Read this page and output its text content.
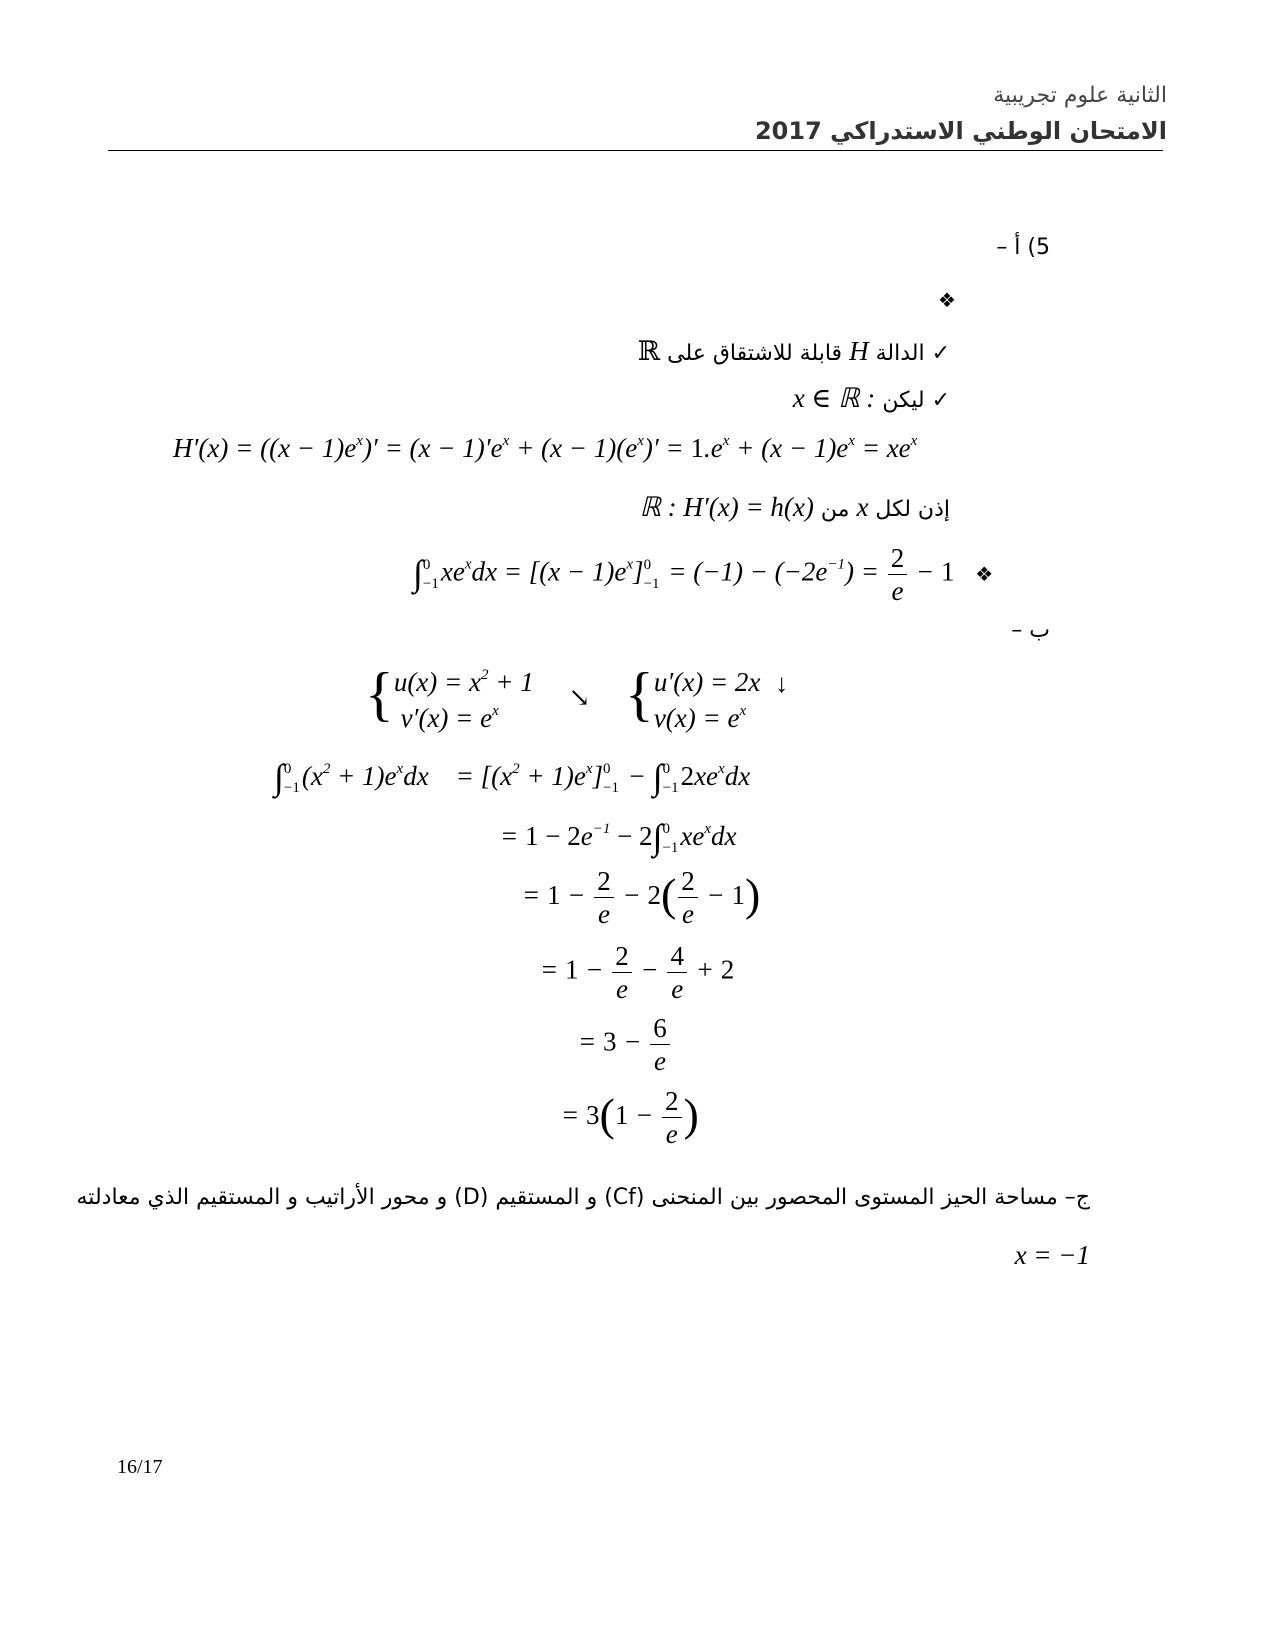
الثانية علوم تجريبية
الامتحان الوطني الاستدراكي 2017
5) أ –
❖
✓ الدالة H قابلة للاشتقاق على ℝ
✓ ليكن x ∈ ℝ :
$H'(x) = ((x - 1)e^x)' = (x - 1)'e^x + (x - 1)(e^x)' = 1.e^x + (x - 1)e^x = xe^x$
إذن لكل x من ℝ : H′(x) = h(x)
∫ 0
−1 $xe^xdx = [(x - 1)e^x]$ 0
$-1 = (-1) - (-2e^{-1}) = \frac{2}{e} - 1$ ❖
ب –
{ $u(x) = x^2 + 1$
$v'(x) = e^x$	↘ { u′(x) = 2x
$v(x) = e^x$
↓
∫ 0
−1 $(x^2 + 1)e^xdx$    = $[(x^2 + 1)e^x]$ 0
−1 − ∫ 0
−1 $2xe^xdx$
= $1 - 2e^{-1} - 2\int$ 0
−1 $xe^xdx$
= $1 - \frac{2}{e} - 2( \frac{2}{e} - 1)$
= $1 - \frac{2}{e} - \frac{4}{e} + 2$
= $3 - \frac{6}{e}$
= $3(1 - \frac{2}{e}$ )
ج– مساحة الحيز المستوى المحصور بين المنحنى (Cf) و المستقيم (D) و محور الأراتيب و المستقيم الذي معادلته
x = −1
16/17
